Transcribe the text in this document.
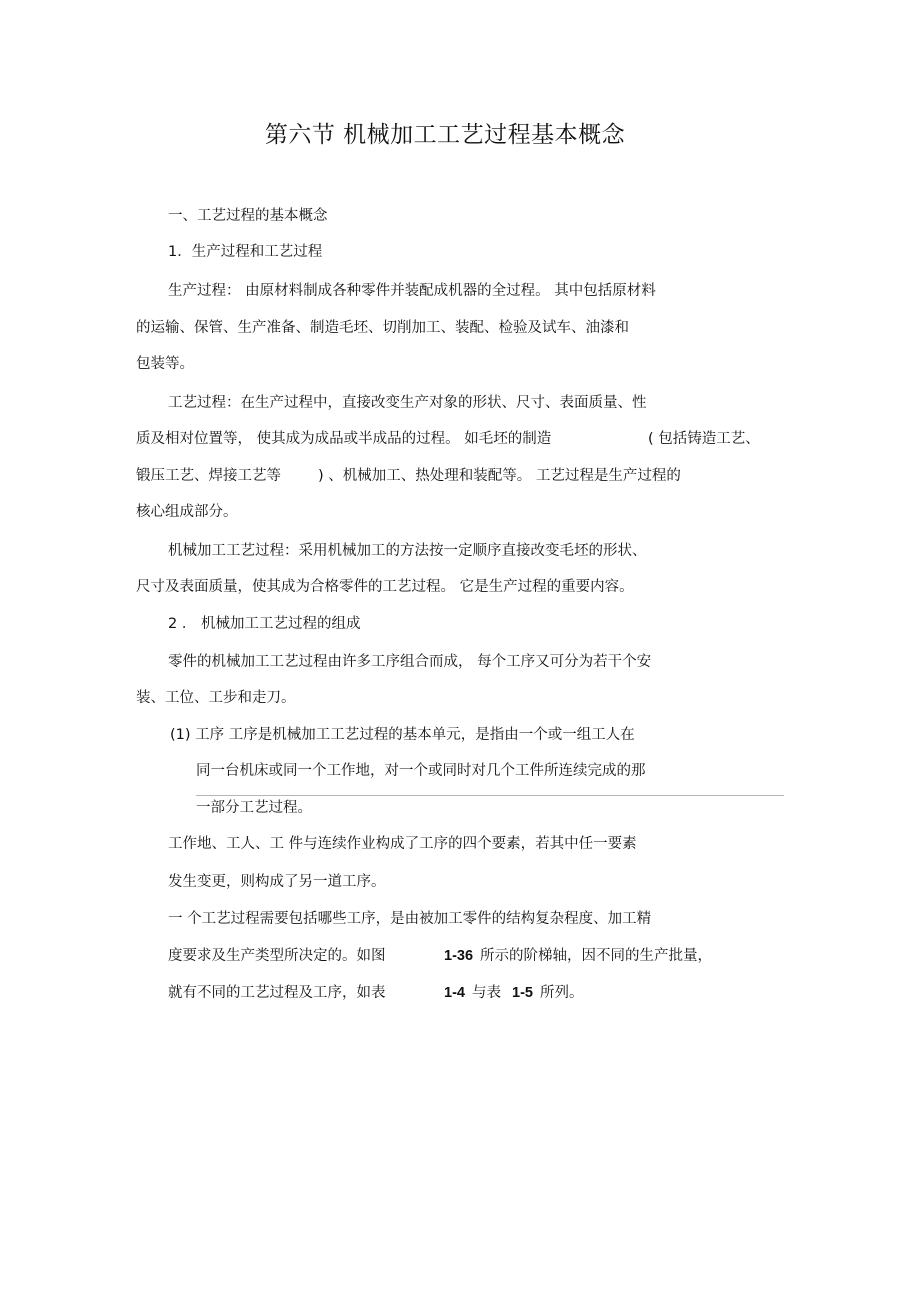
第六节 机械加工工艺过程基本概念
一、工艺过程的基本概念
1．生产过程和工艺过程
生产过程： 由原材料制成各种零件并装配成机器的全过程。 其中包括原材料
的运输、保管、生产准备、制造毛坯、切削加工、装配、检验及试车、油漆和
包装等。
工艺过程：在生产过程中，直接改变生产对象的形状、尺寸、表面质量、性
质及相对位置等， 使其成为成品或半成品的过程。 如毛坯的制造	( 包括铸造工艺、
锻压工艺、焊接工艺等	) 、机械加工、热处理和装配等。 工艺过程是生产过程的
核心组成部分。
机械加工工艺过程：采用机械加工的方法按一定顺序直接改变毛坯的形状、
尺寸及表面质量，使其成为合格零件的工艺过程。 它是生产过程的重要内容。
2 ． 机械加工工艺过程的组成
零件的机械加工工艺过程由许多工序组合而成， 每个工序又可分为若干个安
装、工位、工步和走刀。
(1) 工序 工序是机械加工工艺过程的基本单元，是指由一个或一组工人在
同一台机床或同一个工作地，对一个或同时对几个工件所连续完成的那
一部分工艺过程。
工作地、工人、工 件与连续作业构成了工序的四个要素，若其中任一要素
发生变更，则构成了另一道工序。
一 个工艺过程需要包括哪些工序，是由被加工零件的结构复杂程度、加工精
度要求及生产类型所决定的。如图	1-36 所示的阶梯轴，因不同的生产批量，
就有不同的工艺过程及工序，如表	1-4 与表 1-5 所列。
